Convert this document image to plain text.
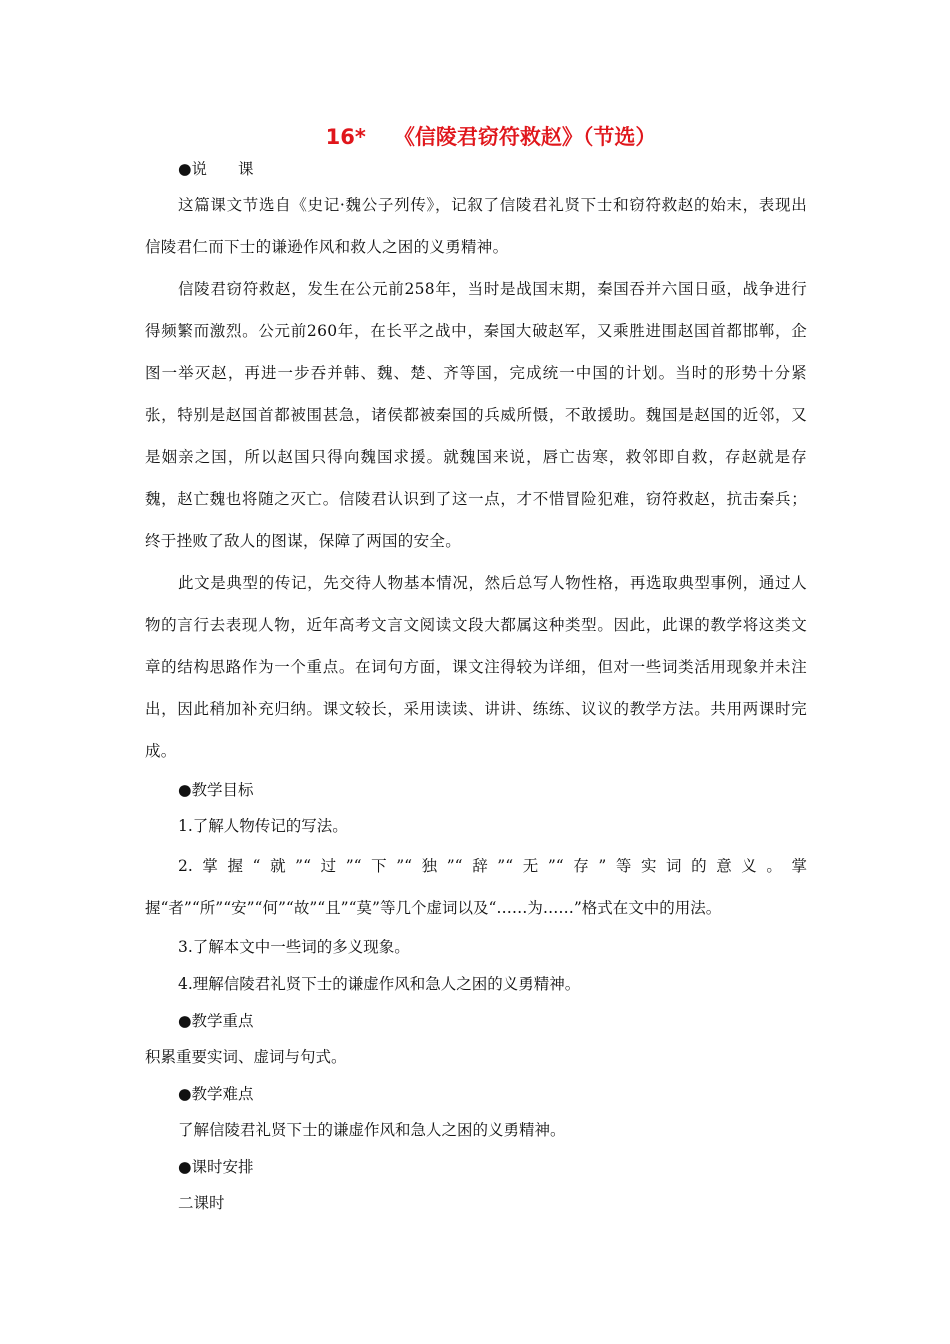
16* 《信陵君窃符救赵》（节选）

●说　　课

这篇课文节选自《史记·魏公子列传》，记叙了信陵君礼贤下士和窃符救赵的始末，表现出信陵君仁而下士的谦逊作风和救人之困的义勇精神。

信陵君窃符救赵，发生在公元前258年，当时是战国末期，秦国吞并六国日亟，战争进行得频繁而激烈。公元前260年，在长平之战中，秦国大破赵军，又乘胜进围赵国首都邯郸，企图一举灭赵，再进一步吞并韩、魏、楚、齐等国，完成统一中国的计划。当时的形势十分紧张，特别是赵国首都被围甚急，诸侯都被秦国的兵威所慑，不敢援助。魏国是赵国的近邻，又是姻亲之国，所以赵国只得向魏国求援。就魏国来说，唇亡齿寒，救邻即自救，存赵就是存魏，赵亡魏也将随之灭亡。信陵君认识到了这一点，才不惜冒险犯难，窃符救赵，抗击秦兵；终于挫败了敌人的图谋，保障了两国的安全。

此文是典型的传记，先交待人物基本情况，然后总写人物性格，再选取典型事例，通过人物的言行去表现人物，近年高考文言文阅读文段大都属这种类型。因此，此课的教学将这类文章的结构思路作为一个重点。在词句方面，课文注得较为详细，但对一些词类活用现象并未注出，因此稍加补充归纳。课文较长，采用读读、讲讲、练练、议议的教学方法。共用两课时完成。

●教学目标

1.了解人物传记的写法。

2.掌握“就”“过”“下”“独”“辞”“无”“存”等实词的意义。掌握“者”“所”“安”“何”“故”“且”“莫”等几个虚词以及“……为……”格式在文中的用法。

3.了解本文中一些词的多义现象。

4.理解信陵君礼贤下士的谦虚作风和急人之困的义勇精神。

●教学重点

积累重要实词、虚词与句式。

●教学难点

了解信陵君礼贤下士的谦虚作风和急人之困的义勇精神。

●课时安排

二课时
